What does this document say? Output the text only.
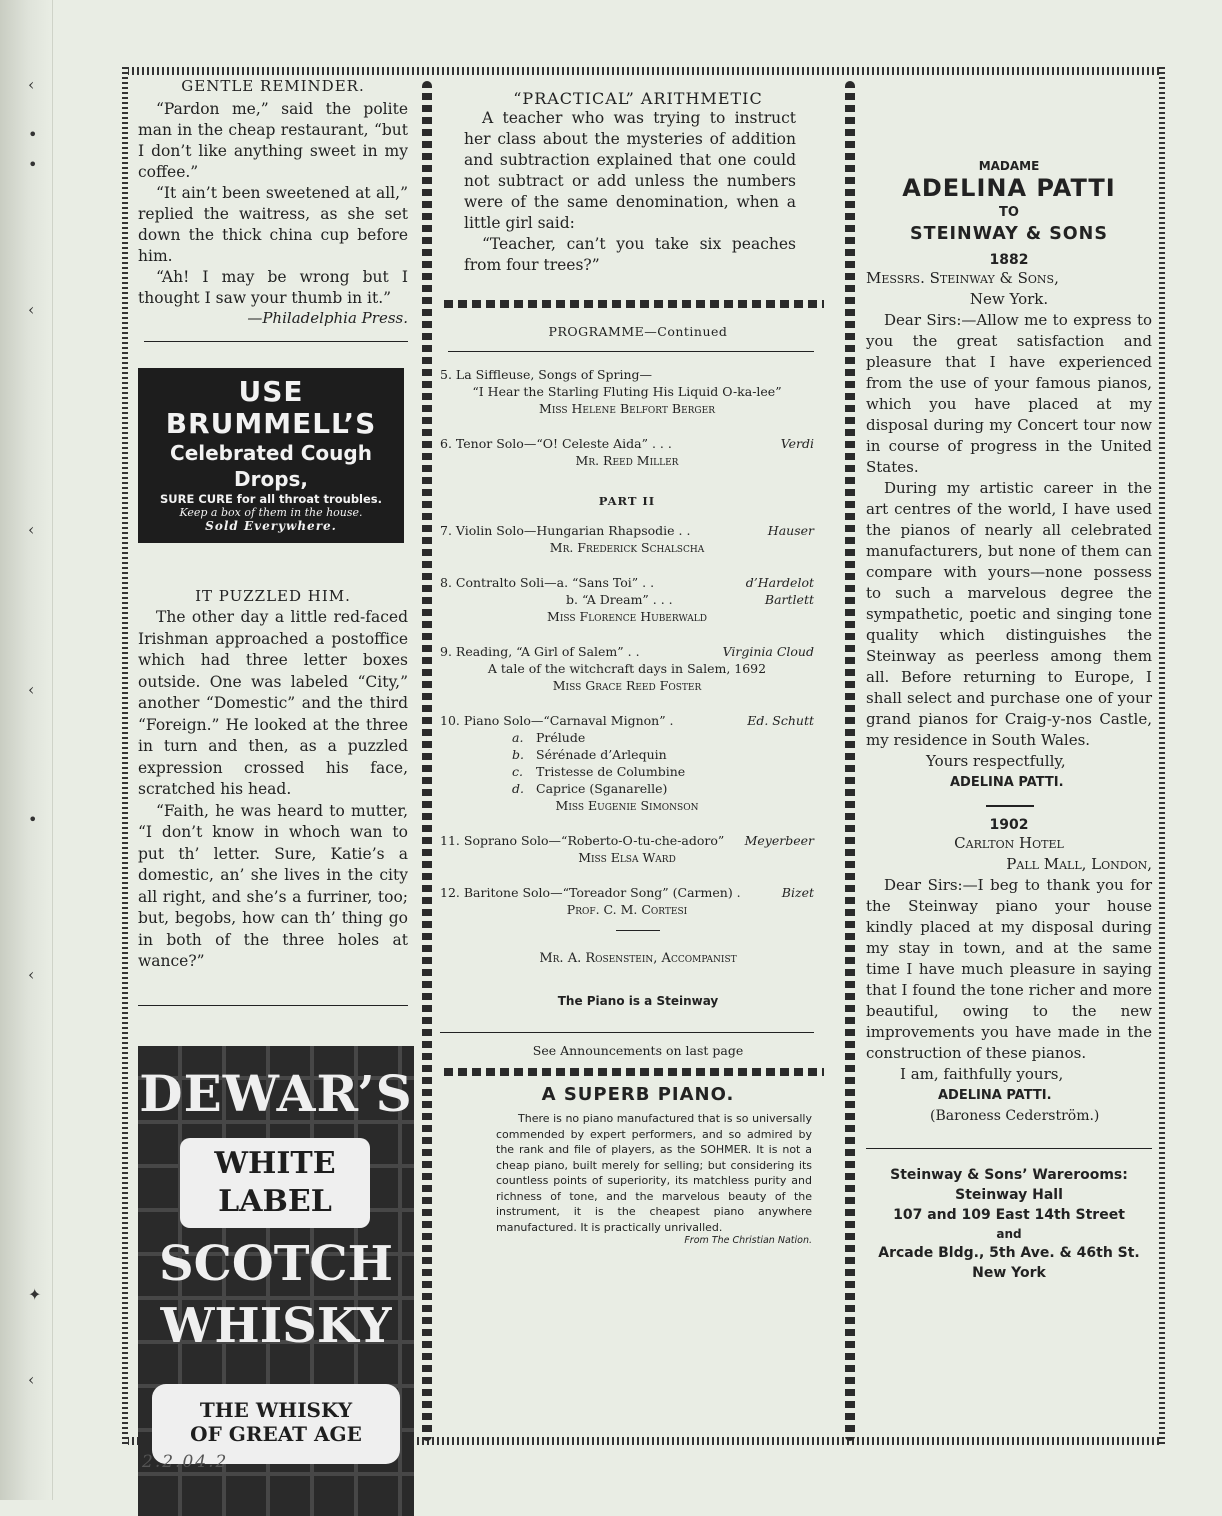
‹
•
•
‹
‹
‹
•
‹
✦
‹
GENTLE REMINDER.

“Pardon me,” said the polite man in the cheap restaurant, “but I don’t like anything sweet in my coffee.”

“It ain’t been sweetened at all,” replied the waitress, as she set down the thick china cup before him.

“Ah! I may be wrong but I thought I saw your thumb in it.”

—Philadelphia Press.
USE BRUMMELL’S
Celebrated Cough Drops,
SURE CURE for all throat troubles.
Keep a box of them in the house.
Sold Everywhere.
IT PUZZLED HIM.

The other day a little red-faced Irishman approached a postoffice which had three letter boxes outside. One was labeled “City,” another “Domestic” and the third “Foreign.” He looked at the three in turn and then, as a puzzled expression crossed his face, scratched his head.

“Faith, he was heard to mutter, “I don’t know in whoch wan to put th’ letter. Sure, Katie’s a domestic, an’ she lives in the city all right, and she’s a furriner, too; but, begobs, how can th’ thing go in both of the three holes at wance?”

DEWAR’S
WHITE
LABEL
SCOTCH
WHISKY
THE WHISKY
OF GREAT AGE
“PRACTICAL” ARITHMETIC

A teacher who was trying to instruct her class about the mysteries of addition and subtraction explained that one could not subtract or add unless the numbers were of the same denomination, when a little girl said:

“Teacher, can’t you take six peaches from four trees?”

PROGRAMME—Continued
5. La Siffleuse, Songs of Spring—
“I Hear the Starling Fluting His Liquid O-ka-lee”
Miss Helene Belfort Berger
6. Tenor Solo—“O! Celeste Aida” . . .	Verdi
Mr. Reed Miller
PART II
7. Violin Solo—Hungarian Rhapsodie . .	Hauser
Mr. Frederick Schalscha
8. Contralto Soli—a. “Sans Toi” . .	d’Hardelot
b. “A Dream” . . .	Bartlett
Miss Florence Huberwald
9. Reading, “A Girl of Salem” . .	Virginia Cloud
A tale of the witchcraft days in Salem, 1692
Miss Grace Reed Foster
10. Piano Solo—“Carnaval Mignon” .	Ed. Schutt
a. Prélude
b. Sérénade d’Arlequin
c. Tristesse de Columbine
d. Caprice (Sganarelle)
Miss Eugenie Simonson
11. Soprano Solo—“Roberto-O-tu-che-adoro” Meyerbeer
Miss Elsa Ward
12. Baritone Solo—“Toreador Song” (Carmen) .	Bizet
Prof. C. M. Cortesi
Mr. A. Rosenstein, Accompanist
The Piano is a Steinway
See Announcements on last page
A SUPERB PIANO.
There is no piano manufactured that is so universally commended by expert performers, and so admired by the rank and file of players, as the SOHMER. It is not a cheap piano, built merely for selling; but considering its countless points of superiority, its matchless purity and richness of tone, and the marvelous beauty of the instrument, it is the cheapest piano anywhere manufactured. It is practically unrivalled.
From The Christian Nation.
MADAME
ADELINA PATTI
TO
STEINWAY & SONS
1882
Messrs. Steinway & Sons,
New York.

Dear Sirs:—Allow me to express to you the great satisfaction and pleasure that I have experienced from the use of your famous pianos, which you have placed at my disposal during my Concert tour now in course of progress in the United States.

During my artistic career in the art centres of the world, I have used the pianos of nearly all celebrated manufacturers, but none of them can compare with yours—none possess to such a marvelous degree the sympathetic, poetic and singing tone quality which distinguishes the Steinway as peerless among them all. Before returning to Europe, I shall select and purchase one of your grand pianos for Craig-y-nos Castle, my residence in South Wales.

Yours respectfully,
ADELINA PATTI.
1902
Carlton Hotel
Pall Mall, London,

Dear Sirs:—I beg to thank you for the Steinway piano your house kindly placed at my disposal during my stay in town, and at the same time I have much pleasure in saying that I found the tone richer and more beautiful, owing to the new improvements you have made in the construction of these pianos.

I am, faithfully yours,
ADELINA PATTI.
(Baroness Cederström.)
Steinway & Sons’ Warerooms:
Steinway Hall
107 and 109 East 14th Street
and
Arcade Bldg., 5th Ave. & 46th St.
New York
2.2.04.2
